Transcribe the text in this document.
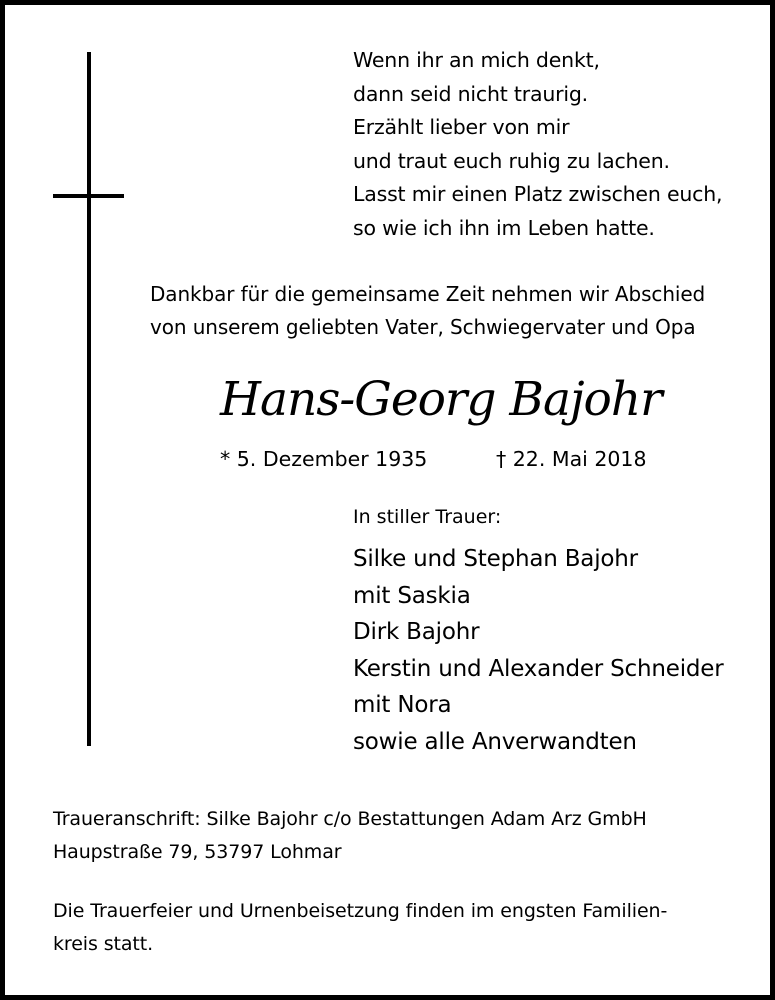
Wenn ihr an mich denkt,
dann seid nicht traurig.
Erzählt lieber von mir
und traut euch ruhig zu lachen.
Lasst mir einen Platz zwischen euch,
so wie ich ihn im Leben hatte.
Dankbar für die gemeinsame Zeit nehmen wir Abschied
von unserem geliebten Vater, Schwiegervater und Opa
Hans-Georg Bajohr
* 5. Dezember 1935	† 22. Mai 2018
In stiller Trauer:
Silke und Stephan Bajohr
mit Saskia
Dirk Bajohr
Kerstin und Alexander Schneider
mit Nora
sowie alle Anverwandten
Traueranschrift: Silke Bajohr c/o Bestattungen Adam Arz GmbH
Haupstraße 79, 53797 Lohmar
Die Trauerfeier und Urnenbeisetzung finden im engsten Familien-
kreis statt.
